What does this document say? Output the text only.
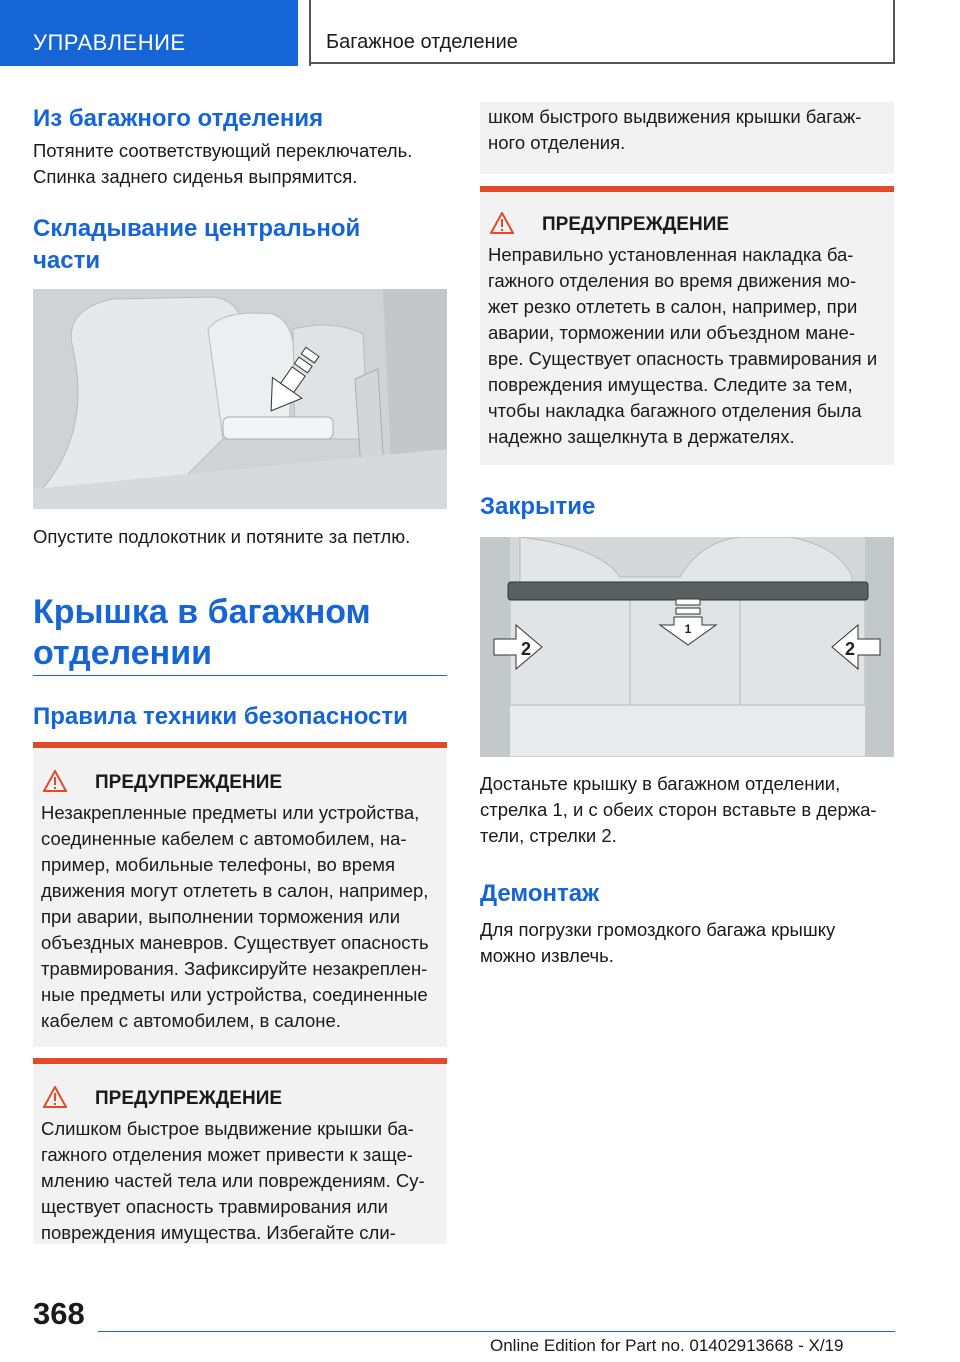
УПРАВЛЕНИЕ	Багажное отделение
Из багажного отделения
Потяните соответствующий переключатель.
Спинка заднего сиденья выпрямится.
Складывание центральной
части
Опустите подлокотник и потяните за петлю.
Крышка в багажном
отделении
Правила техники безопасности
ПРЕДУПРЕЖДЕНИЕ
Незакрепленные предметы или устройства,
соединенные кабелем с автомобилем, на-
пример, мобильные телефоны, во время
движения могут отлететь в салон, например,
при аварии, выполнении торможения или
объездных маневров. Существует опасность
травмирования. Зафиксируйте незакреплен-
ные предметы или устройства, соединенные
кабелем с автомобилем, в салоне.
ПРЕДУПРЕЖДЕНИЕ
Слишком быстрое выдвижение крышки ба-
гажного отделения может привести к заще-
млению частей тела или повреждениям. Су-
ществует опасность травмирования или
повреждения имущества. Избегайте сли-
шком быстрого выдвижения крышки багаж-
ного отделения.
ПРЕДУПРЕЖДЕНИЕ
Неправильно установленная накладка ба-
гажного отделения во время движения мо-
жет резко отлететь в салон, например, при
аварии, торможении или объездном мане-
вре. Существует опасность травмирования и
повреждения имущества. Следите за тем,
чтобы накладка багажного отделения была
надежно защелкнута в держателях.
Закрытие
1
2	2
Достаньте крышку в багажном отделении,
стрелка 1, и с обеих сторон вставьте в держа-
тели, стрелки 2.
Демонтаж
Для погрузки громоздкого багажа крышку
можно извлечь.
368
Online Edition for Part no. 01402913668 - X/19
